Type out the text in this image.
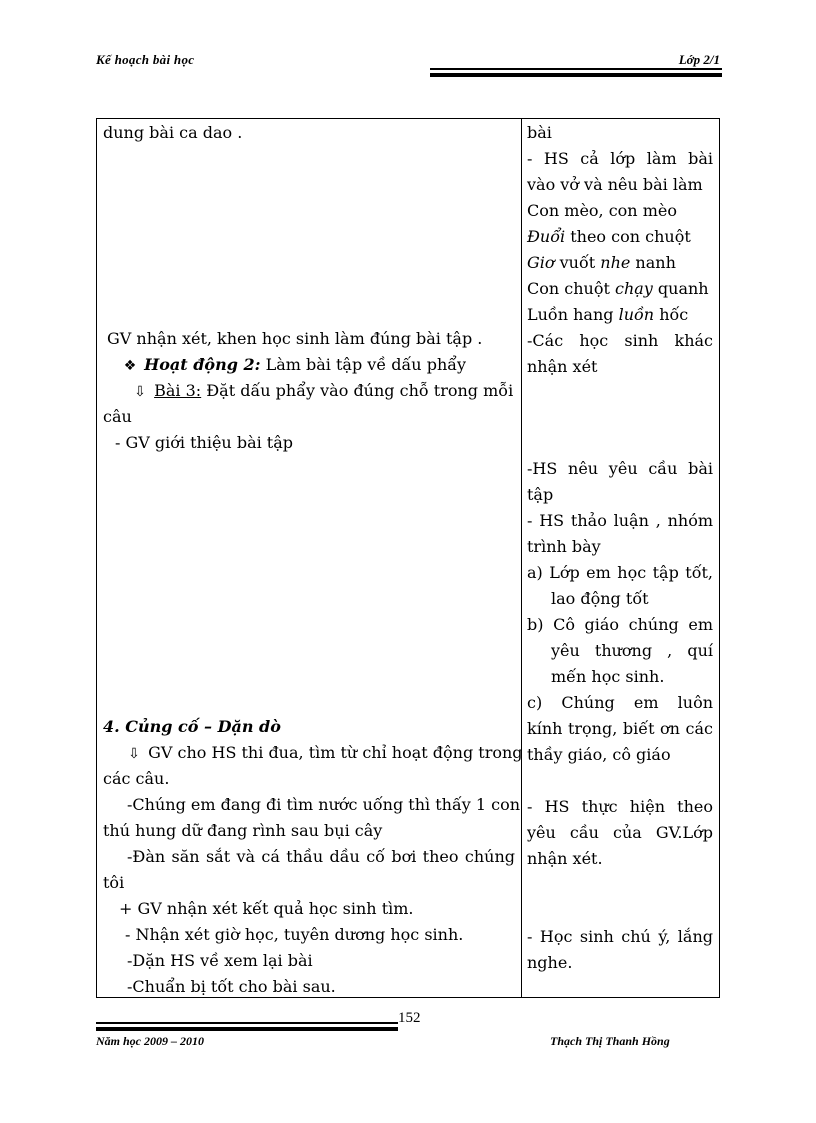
Kế hoạch bài học	Lớp 2/1
dung bài ca dao .
GV nhận xét, khen học sinh làm đúng bài tập .
❖ Hoạt động 2: Làm bài tập về dấu phẩy
⇩ Bài 3: Đặt dấu phẩy vào đúng chỗ trong mỗi
câu
- GV giới thiệu bài tập
4. Củng cố – Dặn dò
⇩ GV cho HS thi đua, tìm từ chỉ hoạt động trong
các câu.
-Chúng em đang đi tìm nước uống thì thấy 1 con
thú hung dữ đang rình sau bụi cây
-Đàn săn sắt và cá thầu dầu cố bơi theo chúng
tôi
+ GV nhận xét kết quả học sinh tìm.
- Nhận xét giờ học, tuyên dương học sinh.
-Dặn HS về xem lại bài
-Chuẩn bị tốt cho bài sau.
bài
- HS cả lớp làm bài
vào vở và nêu bài làm
Con mèo, con mèo
Đuổi theo con chuột
Giơ vuốt nhe nanh
Con chuột chạy quanh
Luồn hang luồn hốc
-Các học sinh khác
nhận xét
-HS nêu yêu cầu bài
tập
- HS thảo luận , nhóm
trình bày
a) Lớp em học tập tốt,
lao động tốt
b) Cô giáo chúng em
yêu thương , quí
mến học sinh.
c) Chúng em luôn
kính trọng, biết ơn các
thầy giáo, cô giáo
- HS thực hiện theo
yêu cầu của GV.Lớp
nhận xét.
- Học sinh chú ý, lắng
nghe.
152
Năm học 2009 – 2010	Thạch Thị Thanh Hồng
